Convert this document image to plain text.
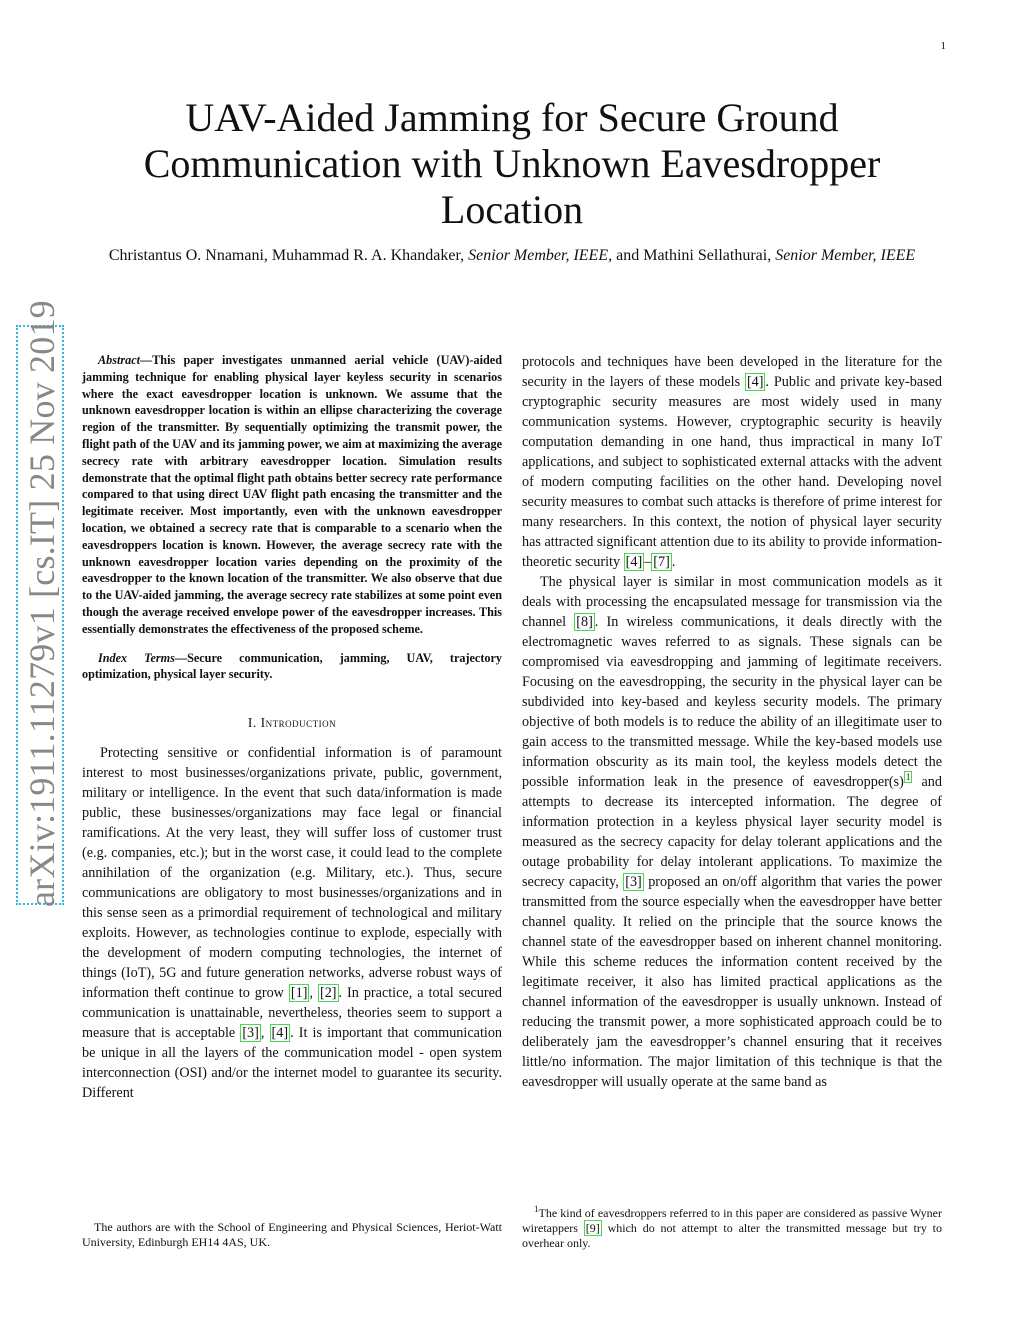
1
arXiv:1911.11279v1 [cs.IT] 25 Nov 2019
UAV-Aided Jamming for Secure Ground Communication with Unknown Eavesdropper Location
Christantus O. Nnamani, Muhammad R. A. Khandaker, Senior Member, IEEE, and Mathini Sellathurai, Senior Member, IEEE

Abstract—This paper investigates unmanned aerial vehicle (UAV)-aided jamming technique for enabling physical layer keyless security in scenarios where the exact eavesdropper location is unknown. We assume that the unknown eavesdropper location is within an ellipse characterizing the coverage region of the transmitter. By sequentially optimizing the transmit power, the flight path of the UAV and its jamming power, we aim at maximizing the average secrecy rate with arbitrary eavesdropper location. Simulation results demonstrate that the optimal flight path obtains better secrecy rate performance compared to that using direct UAV flight path encasing the transmitter and the legitimate receiver. Most importantly, even with the unknown eavesdropper location, we obtained a secrecy rate that is comparable to a scenario when the eavesdroppers location is known. However, the average secrecy rate with the unknown eavesdropper location varies depending on the proximity of the eavesdropper to the known location of the transmitter. We also observe that due to the UAV-aided jamming, the average secrecy rate stabilizes at some point even though the average received envelope power of the eavesdropper increases. This essentially demonstrates the effectiveness of the proposed scheme.

Index Terms—Secure communication, jamming, UAV, trajectory optimization, physical layer security.

I. Introduction

Protecting sensitive or confidential information is of paramount interest to most businesses/organizations private, public, government, military or intelligence. In the event that such data/information is made public, these businesses/organizations may face legal or financial ramifications. At the very least, they will suffer loss of customer trust (e.g. companies, etc.); but in the worst case, it could lead to the complete annihilation of the organization (e.g. Military, etc.). Thus, secure communications are obligatory to most businesses/organizations and in this sense seen as a primordial requirement of technological and military exploits. However, as technologies continue to explode, especially with the development of modern computing technologies, the internet of things (IoT), 5G and future generation networks, adverse robust ways of information theft continue to grow [1] , [2] . In practice, a total secured communication is unattainable, nevertheless, theories seem to support a measure that is acceptable [3] , [4] . It is important that communication be unique in all the layers of the communication model - open system interconnection (OSI) and/or the internet model to guarantee its security. Different

protocols and techniques have been developed in the literature for the security in the layers of these models [4] . Public and private key-based cryptographic security measures are most widely used in many communication systems. However, cryptographic security is heavily computation demanding in one hand, thus impractical in many IoT applications, and subject to sophisticated external attacks with the advent of modern computing facilities on the other hand. Developing novel security measures to combat such attacks is therefore of prime interest for many researchers. In this context, the notion of physical layer security has attracted significant attention due to its ability to provide information-theoretic security [4] – [7] .

The physical layer is similar in most communication models as it deals with processing the encapsulated message for transmission via the channel [8] . In wireless communications, it deals directly with the electromagnetic waves referred to as signals. These signals can be compromised via eavesdropping and jamming of legitimate receivers. Focusing on the eavesdropping, the security in the physical layer can be subdivided into key-based and keyless security models. The primary objective of both models is to reduce the ability of an illegitimate user to gain access to the transmitted message. While the key-based models use information obscurity as its main tool, the keyless models detect the possible information leak in the presence of eavesdropper(s) $^1$ and attempts to decrease its intercepted information. The degree of information protection in a keyless physical layer security model is measured as the secrecy capacity for delay tolerant applications and the outage probability for delay intolerant applications. To maximize the secrecy capacity, [3] proposed an on/off algorithm that varies the power transmitted from the source especially when the eavesdropper have better channel quality. It relied on the principle that the source knows the channel state of the eavesdropper based on inherent channel monitoring. While this scheme reduces the information content received by the legitimate receiver, it also has limited practical applications as the channel information of the eavesdropper is usually unknown. Instead of reducing the transmit power, a more sophisticated approach could be to deliberately jam the eavesdropper’s channel ensuring that it receives little/no information. The major limitation of this technique is that the eavesdropper will usually operate at the same band as

The authors are with the School of Engineering and Physical Sciences, Heriot-Watt University, Edinburgh EH14 4AS, UK.
$^1$The kind of eavesdroppers referred to in this paper are considered as passive Wyner wiretappers [9] which do not attempt to alter the transmitted message but try to overhear only.
